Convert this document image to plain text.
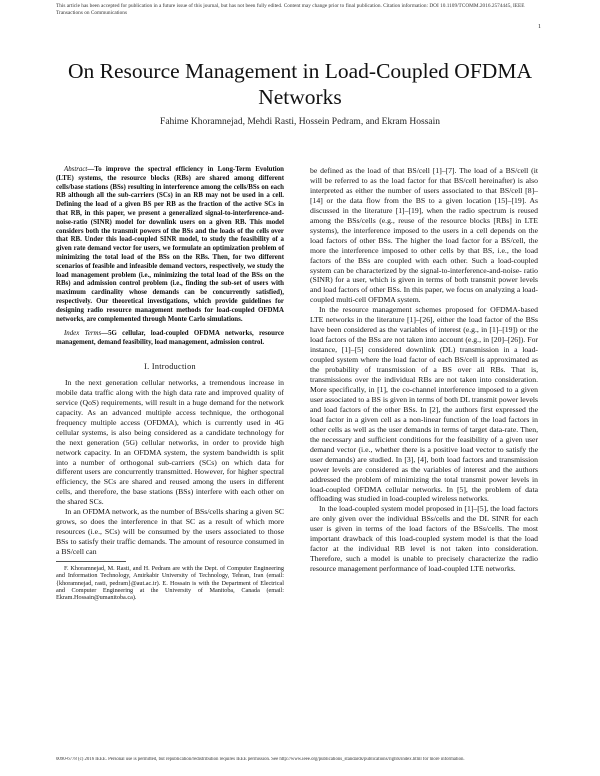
This article has been accepted for publication in a future issue of this journal, but has not been fully edited. Content may change prior to final publication. Citation information: DOI 10.1109/TCOMM.2016.2574445, IEEE Transactions on Communications
1
On Resource Management in Load-Coupled OFDMA Networks
Fahime Khoramnejad, Mehdi Rasti, Hossein Pedram, and Ekram Hossain

Abstract—To improve the spectral efficiency in Long-Term Evolution (LTE) systems, the resource blocks (RBs) are shared among different cells/base stations (BSs) resulting in interference among the cells/BSs on each RB although all the sub-carriers (SCs) in an RB may not be used in a cell. Defining the load of a given BS per RB as the fraction of the active SCs in that RB, in this paper, we present a generalized signal-to-interference-and-noise-ratio (SINR) model for downlink users on a given RB. This model considers both the transmit powers of the BSs and the loads of the cells over that RB. Under this load-coupled SINR model, to study the feasibility of a given rate demand vector for users, we formulate an optimization problem of minimizing the total load of the BSs on the RBs. Then, for two different scenarios of feasible and infeasible demand vectors, respectively, we study the load management problem (i.e., minimizing the total load of the BSs on the RBs) and admission control problem (i.e., finding the sub-set of users with maximum cardinality whose demands can be concurrently satisfied), respectively. Our theoretical investigations, which provide guidelines for designing radio resource management methods for load-coupled OFDMA networks, are complemented through Monte Carlo simulations.

Index Terms—5G cellular, load-coupled OFDMA networks, resource management, demand feasibility, load management, admission control.

I. Introduction

In the next generation cellular networks, a tremendous increase in mobile data traffic along with the high data rate and improved quality of service (QoS) requirements, will result in a huge demand for the network capacity. As an advanced multiple access technique, the orthogonal frequency multiple access (OFDMA), which is currently used in 4G cellular systems, is also being considered as a candidate technology for the next generation (5G) cellular networks, in order to provide high network capacity. In an OFDMA system, the system bandwidth is split into a number of orthogonal sub-carriers (SCs) on which data for different users are concurrently transmitted. However, for higher spectral efficiency, the SCs are shared and reused among the users in different cells, and therefore, the base stations (BSs) interfere with each other on the shared SCs.

In an OFDMA network, as the number of BSs/cells sharing a given SC grows, so does the interference in that SC as a result of which more resources (i.e., SCs) will be consumed by the users associated to those BSs to satisfy their traffic demands. The amount of resource consumed in a BS/cell can

F. Khoramnejad, M. Rasti, and H. Pedram are with the Dept. of Computer Engineering and Information Technology, Amirkabir University of Technology, Tehran, Iran (email: {khoramnejad, rasti, pedram}@aut.ac.ir). E. Hossain is with the Department of Electrical and Computer Engineering at the University of Manitoba, Canada (email: Ekram.Hossain@umanitoba.ca).

be defined as the load of that BS/cell [1]–[7]. The load of a BS/cell (it will be referred to as the load factor for that BS/cell hereinafter) is also interpreted as either the number of users associated to that BS/cell [8]–[14] or the data flow from the BS to a given location [15]–[19]. As discussed in the literature [1]–[19], when the radio spectrum is reused among the BSs/cells (e.g., reuse of the resource blocks [RBs] in LTE systems), the interference imposed to the users in a cell depends on the load factors of other BSs. The higher the load factor for a BS/cell, the more the interference imposed to other cells by that BS, i.e., the load factors of the BSs are coupled with each other. Such a load-coupled system can be characterized by the signal-to-interference-and-noise- ratio (SINR) for a user, which is given in terms of both transmit power levels and load factors of other BSs. In this paper, we focus on analyzing a load-coupled multi-cell OFDMA system.

In the resource management schemes proposed for OFDMA-based LTE networks in the literature [1]–[26], either the load factor of the BSs have been considered as the variables of interest (e.g., in [1]–[19]) or the load factors of the BSs are not taken into account (e.g., in [20]–[26]). For instance, [1]–[5] considered downlink (DL) transmission in a load-coupled system where the load factor of each BS/cell is approximated as the probability of transmission of a BS over all RBs. That is, transmissions over the individual RBs are not taken into consideration. More specifically, in [1], the co-channel interference imposed to a given user associated to a BS is given in terms of both DL transmit power levels and load factors of the other BSs. In [2], the authors first expressed the load factor in a given cell as a non-linear function of the load factors in other cells as well as the user demands in terms of target data-rate. Then, the necessary and sufficient conditions for the feasibility of a given user demand vector (i.e., whether there is a positive load vector to satisfy the user demands) are studied. In [3], [4], both load factors and transmission power levels are considered as the variables of interest and the authors addressed the problem of minimizing the total transmit power levels in load-coupled OFDMA cellular networks. In [5], the problem of data offloading was studied in load-coupled wireless networks.

In the load-coupled system model proposed in [1]–[5], the load factors are only given over the individual BSs/cells and the DL SINR for each user is given in terms of the load factors of the BSs/cells. The most important drawback of this load-coupled system model is that the load factor at the individual RB level is not taken into consideration. Therefore, such a model is unable to precisely characterize the radio resource management performance of load-coupled LTE networks.

0090-6778 (c) 2016 IEEE. Personal use is permitted, but republication/redistribution requires IEEE permission. See http://www.ieee.org/publications_standards/publications/rights/index.html for more information.
